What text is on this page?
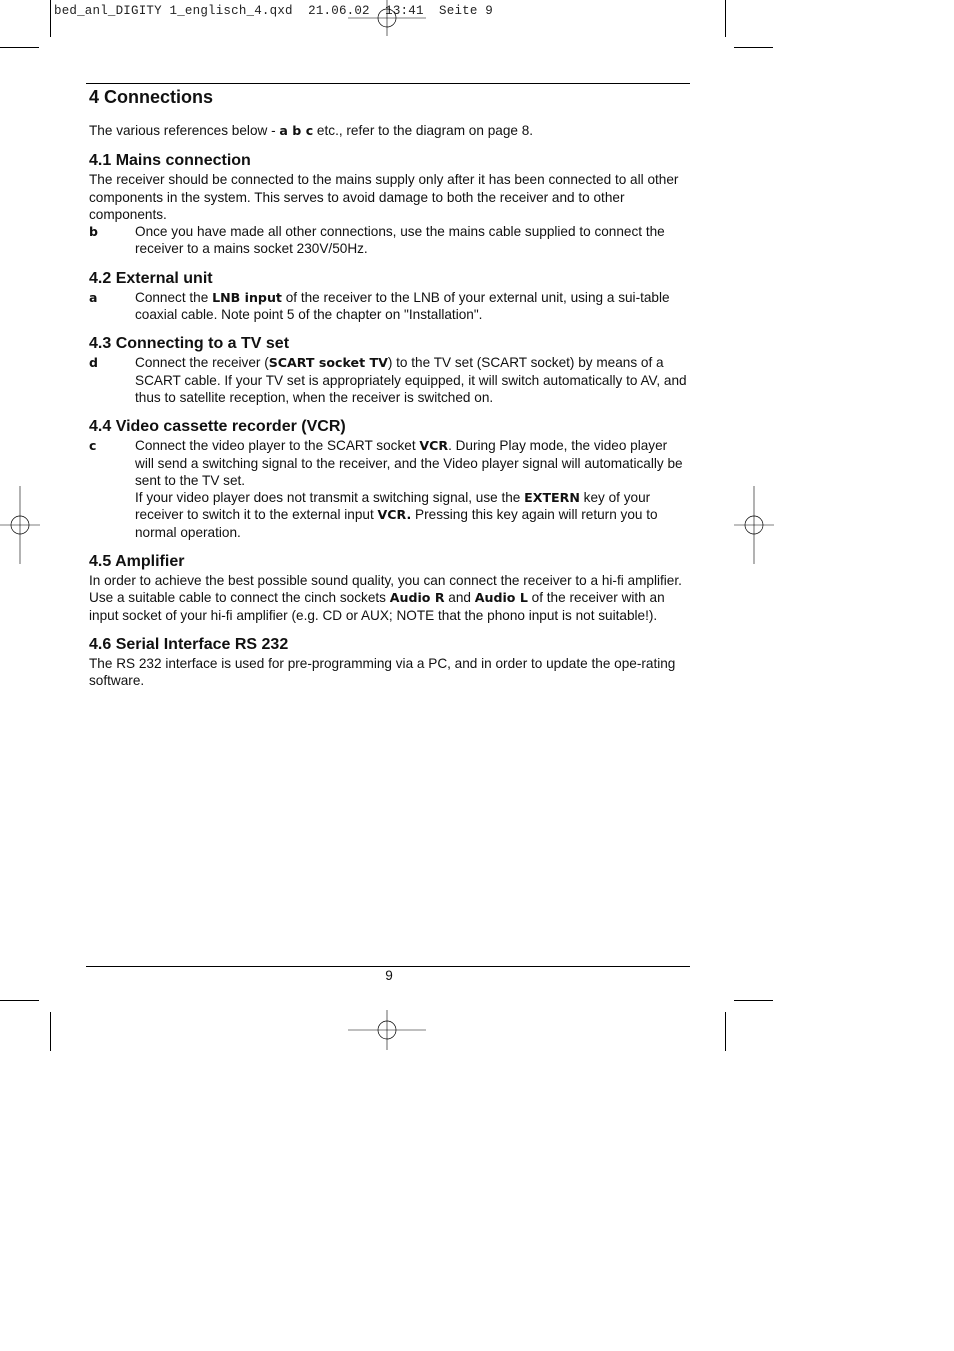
bed_anl_DIGITY 1_englisch_4.qxd  21.06.02  13:41  Seite 9
4 Connections

The various references below - a b c etc., refer to the diagram on page 8.

4.1 Mains connection

The receiver should be connected to the mains supply only after it has been connected to all other components in the system. This serves to avoid damage to both the receiver and to other components.

b	Once you have made all other connections, use the mains cable supplied to connect the receiver to a mains socket 230V/50Hz.
4.2 External unit
a	Connect the LNB input of the receiver to the LNB of your external unit, using a sui-table coaxial cable. Note point 5 of the chapter on "Installation".
4.3 Connecting to a TV set
d	Connect the receiver (SCART socket TV) to the TV set (SCART socket) by means of a SCART cable. If your TV set is appropriately equipped, it will switch automatically to AV, and thus to satellite reception, when the receiver is switched on.
4.4 Video cassette recorder (VCR)
c	Connect the video player to the SCART socket VCR. During Play mode, the video player will send a switching signal to the receiver, and the Video player signal will automatically be sent to the TV set.
If your video player does not transmit a switching signal, use the EXTERN key of your receiver to switch it to the external input VCR. Pressing this key again will return you to normal operation.
4.5 Amplifier

In order to achieve the best possible sound quality, you can connect the receiver to a hi-fi amplifier. Use a suitable cable to connect the cinch sockets Audio R and Audio L of the receiver with an input socket of your hi-fi amplifier (e.g. CD or AUX; NOTE that the phono input is not suitable!).

4.6 Serial Interface RS 232

The RS 232 interface is used for pre-programming via a PC, and in order to update the ope-rating software.

9
